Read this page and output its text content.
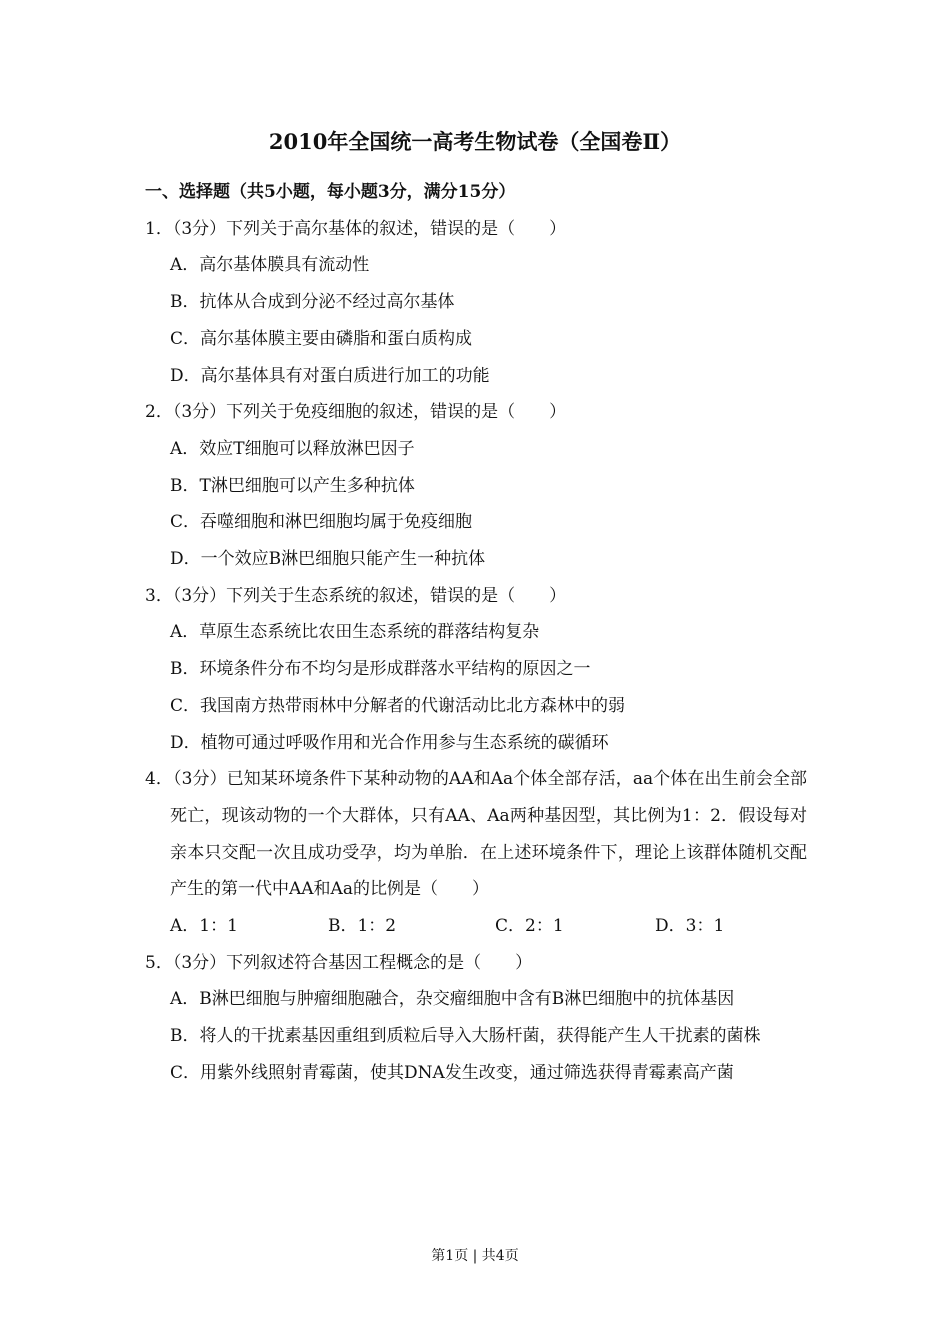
2010年全国统一高考生物试卷（全国卷Ⅱ）
一、选择题（共5小题，每小题3分，满分15分）
1．（3分）下列关于高尔基体的叙述，错误的是（　　）
A．高尔基体膜具有流动性
B．抗体从合成到分泌不经过高尔基体
C．高尔基体膜主要由磷脂和蛋白质构成
D．高尔基体具有对蛋白质进行加工的功能
2．（3分）下列关于免疫细胞的叙述，错误的是（　　）
A．效应T细胞可以释放淋巴因子
B．T淋巴细胞可以产生多种抗体
C．吞噬细胞和淋巴细胞均属于免疫细胞
D．一个效应B淋巴细胞只能产生一种抗体
3．（3分）下列关于生态系统的叙述，错误的是（　　）
A．草原生态系统比农田生态系统的群落结构复杂
B．环境条件分布不均匀是形成群落水平结构的原因之一
C．我国南方热带雨林中分解者的代谢活动比北方森林中的弱
D．植物可通过呼吸作用和光合作用参与生态系统的碳循环
4．（3分）已知某环境条件下某种动物的AA和Aa个体全部存活，aa个体在出生前会全部死亡，现该动物的一个大群体，只有AA、Aa两种基因型，其比例为1：2．假设每对亲本只交配一次且成功受孕，均为单胎．在上述环境条件下，理论上该群体随机交配产生的第一代中AA和Aa的比例是（　　）
A．1：1	B．1：2	C．2：1	D．3：1
5．（3分）下列叙述符合基因工程概念的是（　　）
A．B淋巴细胞与肿瘤细胞融合，杂交瘤细胞中含有B淋巴细胞中的抗体基因
B．将人的干扰素基因重组到质粒后导入大肠杆菌，获得能产生人干扰素的菌株
C．用紫外线照射青霉菌，使其DNA发生改变，通过筛选获得青霉素高产菌
第1页 | 共4页
